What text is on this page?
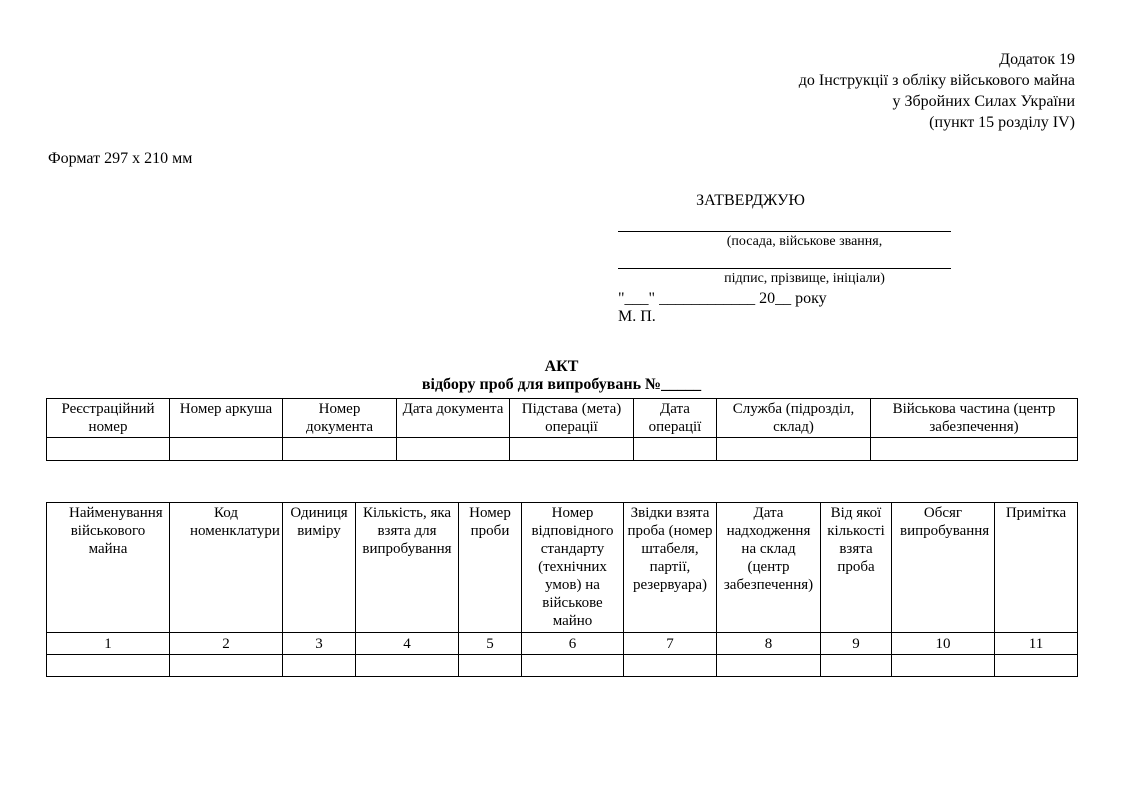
Додаток 19
до Інструкції з обліку військового майна
у Збройних Силах України
(пункт 15 розділу IV)
Формат 297 х 210 мм
ЗАТВЕРДЖУЮ
(посада, військове звання,
підпис, прізвище, ініціали)
"___" ____________ 20__ року
М. П.
АКТ
відбору проб для випробувань №_____
Реєстраційний номер	Номер аркуша	Номер документа	Дата документа	Підстава (мета) операції	Дата операції	Служба (підрозділ, склад)	Військова частина (центр забезпечення)

Найменування військового майна	Код номенклатури	Одиниця виміру	Кількість, яка взята для випробування	Номер проби	Номер відповідного стандарту (технічних умов) на військове майно	Звідки взята проба (номер штабеля, партії, резервуара)	Дата надходження на склад (центр забезпечення)	Від якої кількості взята проба	Обсяг випробування	Примітка
1	2	3	4	5	6	7	8	9	10	11
